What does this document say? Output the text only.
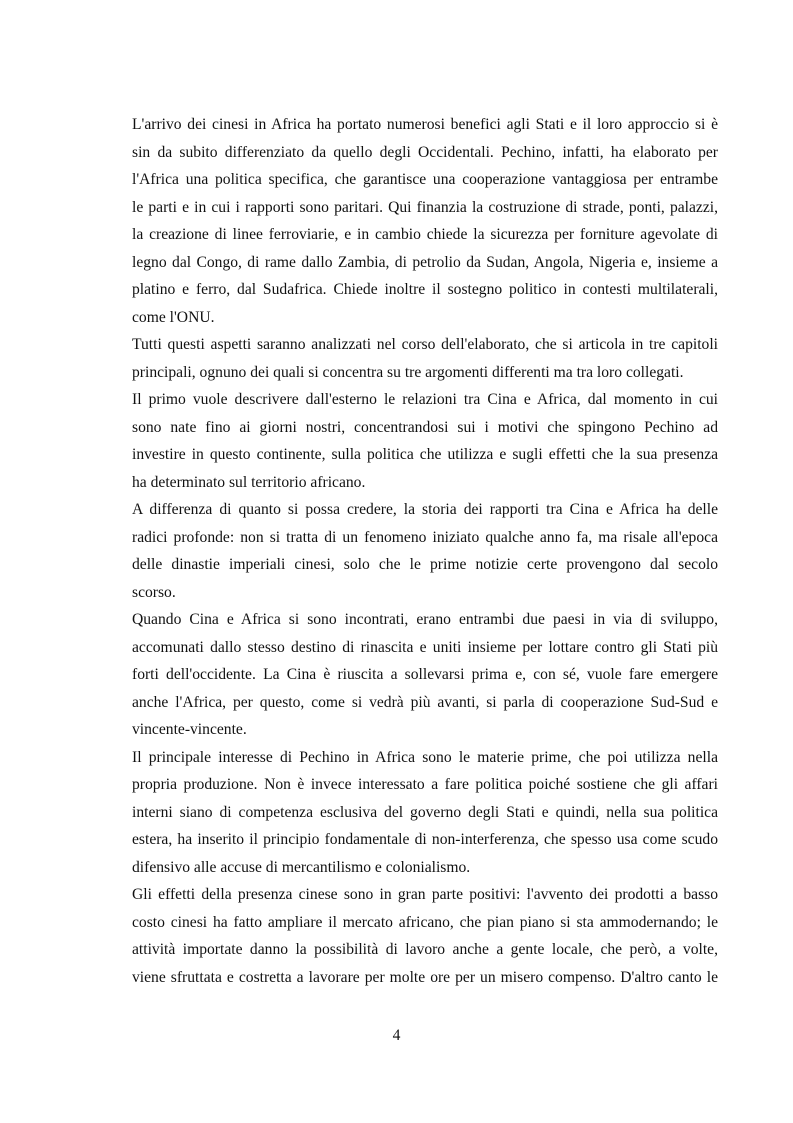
L'arrivo dei cinesi in Africa ha portato numerosi benefici agli Stati e il loro approccio si è
sin da subito differenziato da quello degli Occidentali. Pechino, infatti, ha elaborato per
l'Africa una politica specifica, che garantisce una cooperazione vantaggiosa per entrambe
le parti e in cui i rapporti sono paritari. Qui finanzia la costruzione di strade, ponti, palazzi,
la creazione di linee ferroviarie, e in cambio chiede la sicurezza per forniture agevolate di
legno dal Congo, di rame dallo Zambia, di petrolio da Sudan, Angola, Nigeria e, insieme a
platino e ferro, dal Sudafrica. Chiede inoltre il sostegno politico in contesti multilaterali,
come l'ONU.
Tutti questi aspetti saranno analizzati nel corso dell'elaborato, che si articola in tre capitoli
principali, ognuno dei quali si concentra su tre argomenti differenti ma tra loro collegati.
Il primo vuole descrivere dall'esterno le relazioni tra Cina e Africa, dal momento in cui
sono nate fino ai giorni nostri, concentrandosi sui i motivi che spingono Pechino ad
investire in questo continente, sulla politica che utilizza e sugli effetti che la sua presenza
ha determinato sul territorio africano.
A differenza di quanto si possa credere, la storia dei rapporti tra Cina e Africa ha delle
radici profonde: non si tratta di un fenomeno iniziato qualche anno fa, ma risale all'epoca
delle dinastie imperiali cinesi, solo che le prime notizie certe provengono dal secolo
scorso.
Quando Cina e Africa si sono incontrati, erano entrambi due paesi in via di sviluppo,
accomunati dallo stesso destino di rinascita e uniti insieme per lottare contro gli Stati più
forti dell'occidente. La Cina è riuscita a sollevarsi prima e, con sé, vuole fare emergere
anche l'Africa, per questo, come si vedrà più avanti, si parla di cooperazione Sud-Sud e
vincente-vincente.
Il principale interesse di Pechino in Africa sono le materie prime, che poi utilizza nella
propria produzione. Non è invece interessato a fare politica poiché sostiene che gli affari
interni siano di competenza esclusiva del governo degli Stati e quindi, nella sua politica
estera, ha inserito il principio fondamentale di non-interferenza, che spesso usa come scudo
difensivo alle accuse di mercantilismo e colonialismo.
Gli effetti della presenza cinese sono in gran parte positivi: l'avvento dei prodotti a basso
costo cinesi ha fatto ampliare il mercato africano, che pian piano si sta ammodernando; le
attività importate danno la possibilità di lavoro anche a gente locale, che però, a volte,
viene sfruttata e costretta a lavorare per molte ore per un misero compenso. D'altro canto le
4
